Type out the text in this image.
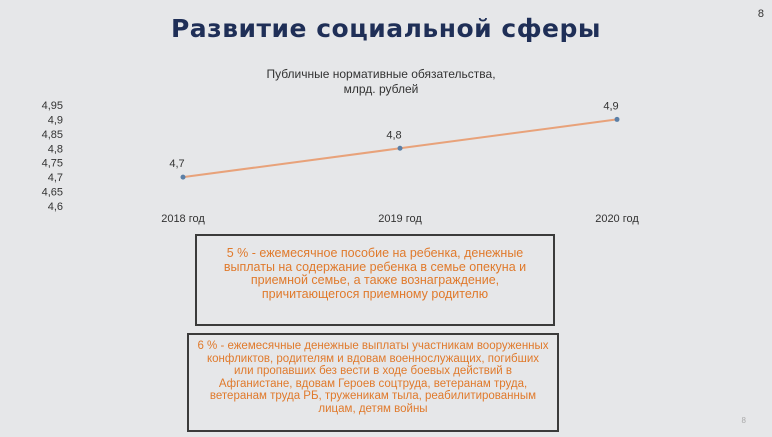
Развитие социальной сферы	8
Публичные нормативные обязательства,
млрд. рублей
4,6
4,65
4,7
4,75
4,8
4,85
4,9
4,95
2018 год	2019 год	2020 год
4,7
4,8
4,9
5 % - ежемесячное пособие на ребенка, денежные выплаты на содержание ребенка в семье опекуна и приемной семье, а также вознаграждение, причитающегося приемному родителю
6 % - ежемесячные денежные выплаты участникам вооруженных конфликтов, родителям и вдовам военнослужащих, погибших или пропавших без вести в ходе боевых действий в Афганистане, вдовам Героев соцтруда, ветеранам труда, ветеранам труда РБ, труженикам тыла, реабилитированным лицам, детям войны
8
